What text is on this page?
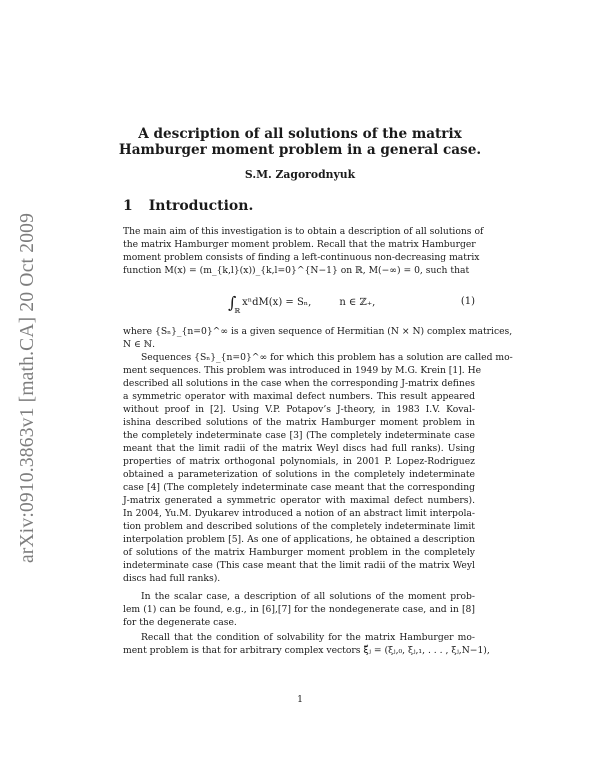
arXiv:0910.3863v1 [math.CA] 20 Oct 2009
A description of all solutions of the matrix
Hamburger moment problem in a general case.
S.M. Zagorodnyuk
1 Introduction.
The main aim of this investigation is to obtain a description of all solutions of
the matrix Hamburger moment problem. Recall that the matrix Hamburger
moment problem consists of finding a left-continuous non-decreasing matrix
function M(x) = (m_{k,l}(x))_{k,l=0}^{N−1} on ℝ, M(−∞) = 0, such that
$\int_ℝx^ndM(x) = S_n$,	n ∈ ℤ₊,	(1)
where {Sₙ}_{n=0}^∞ is a given sequence of Hermitian (N × N) complex matrices,
N ∈ ℕ.
Sequences {Sₙ}_{n=0}^∞ for which this problem has a solution are called mo-
ment sequences. This problem was introduced in 1949 by M.G. Krein [1]. He
described all solutions in the case when the corresponding J-matrix defines
a symmetric operator with maximal defect numbers. This result appeared
without proof in [2]. Using V.P. Potapov’s J-theory, in 1983 I.V. Koval-
ishina described solutions of the matrix Hamburger moment problem in
the completely indeterminate case [3] (The completely indeterminate case
meant that the limit radii of the matrix Weyl discs had full ranks). Using
properties of matrix orthogonal polynomials, in 2001 P. Lopez-Rodriguez
obtained a parameterization of solutions in the completely indeterminate
case [4] (The completely indeterminate case meant that the corresponding
J-matrix generated a symmetric operator with maximal defect numbers).
In 2004, Yu.M. Dyukarev introduced a notion of an abstract limit interpola-
tion problem and described solutions of the completely indeterminate limit
interpolation problem [5]. As one of applications, he obtained a description
of solutions of the matrix Hamburger moment problem in the completely
indeterminate case (This case meant that the limit radii of the matrix Weyl
discs had full ranks).
In the scalar case, a description of all solutions of the moment prob-
lem (1) can be found, e.g., in [6],[7] for the nondegenerate case, and in [8]
for the degenerate case.
Recall that the condition of solvability for the matrix Hamburger mo-
ment problem is that for arbitrary complex vectors ξ⃗ⱼ = (ξⱼ,₀, ξⱼ,₁, . . . , ξⱼ,N−1),
1
